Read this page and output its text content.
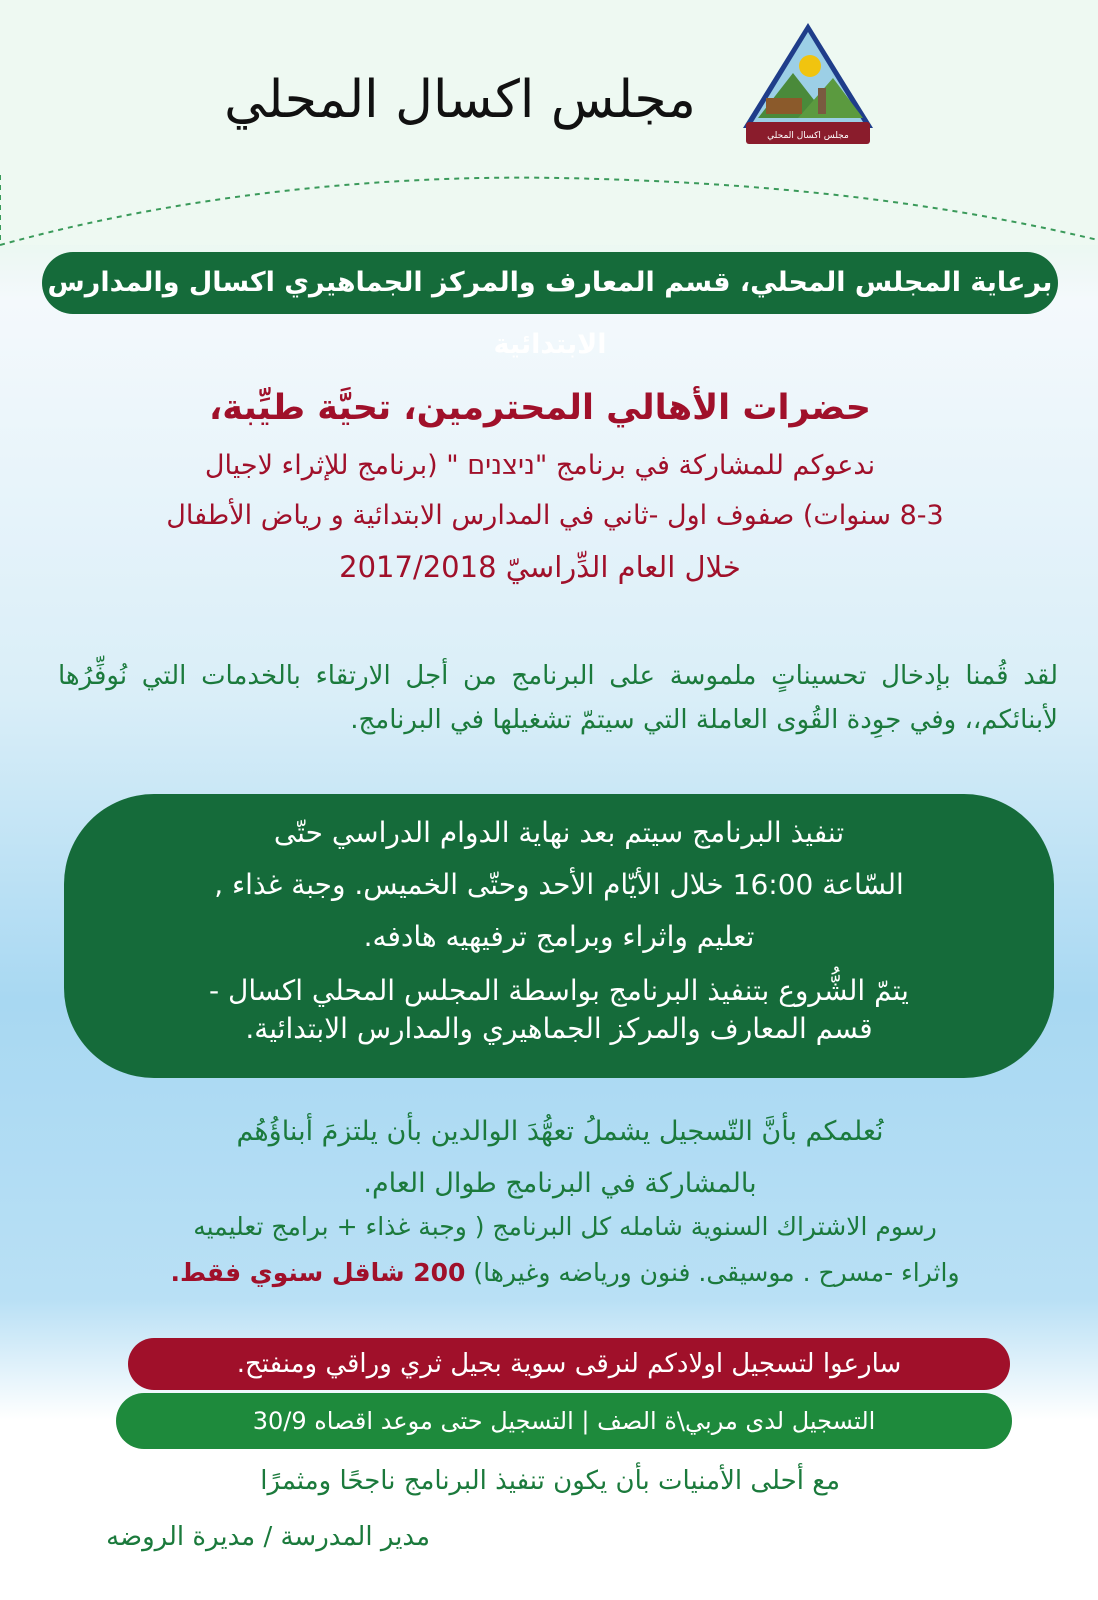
مجلس اكسال المحلي
مجلس اكسال المحلي
برعاية المجلس المحلي، قسم المعارف والمركز الجماهيري اكسال والمدارس الابتدائية
حضرات الأهالي المحترمين، تحيَّة طيِّبة،
ندعوكم للمشاركة في برنامج "ניצנים " (برنامج للإثراء لاجيال
8-3 سنوات) صفوف اول -ثاني في المدارس الابتدائية و رياض الأطفال
خلال العام الدِّراسيّ 2017/2018
لقد قُمنا بإدخال تحسيناتٍ ملموسة على البرنامج من أجل الارتقاء بالخدمات التي نُوفِّرُها لأبنائكم،، وفي جوِدة القُوى العاملة التي سيتمّ تشغيلها في البرنامج.
تنفيذ البرنامج سيتم بعد نهاية الدوام الدراسي حتّى
السّاعة 16:00 خلال الأيّام الأحد وحتّى الخميس. وجبة غذاء ,
تعليم واثراء وبرامج ترفيهيه هادفه.
يتمّ الشُّروع بتنفيذ البرنامج بواسطة المجلس المحلي اكسال -
قسم المعارف والمركز الجماهيري والمدارس الابتدائية.
نُعلمكم بأنَّ التّسجيل يشملُ تعهُّدَ الوالدين بأن يلتزمَ أبناؤُهُم
بالمشاركة في البرنامج طوال العام.
رسوم الاشتراك السنوية شامله كل البرنامج ( وجبة غذاء + برامج تعليميه
واثراء -مسرح . موسيقى. فنون ورياضه وغيرها) 200 شاقل سنوي فقط.
سارعوا لتسجيل اولادكم لنرقى سوية بجيل ثري وراقي ومنفتح.
التسجيل لدى مربي\ة الصف | التسجيل حتى موعد اقصاه 30/9
مع أحلى الأمنيات بأن يكون تنفيذ البرنامج ناجحًا ومثمرًا
مدير المدرسة / مديرة الروضه
